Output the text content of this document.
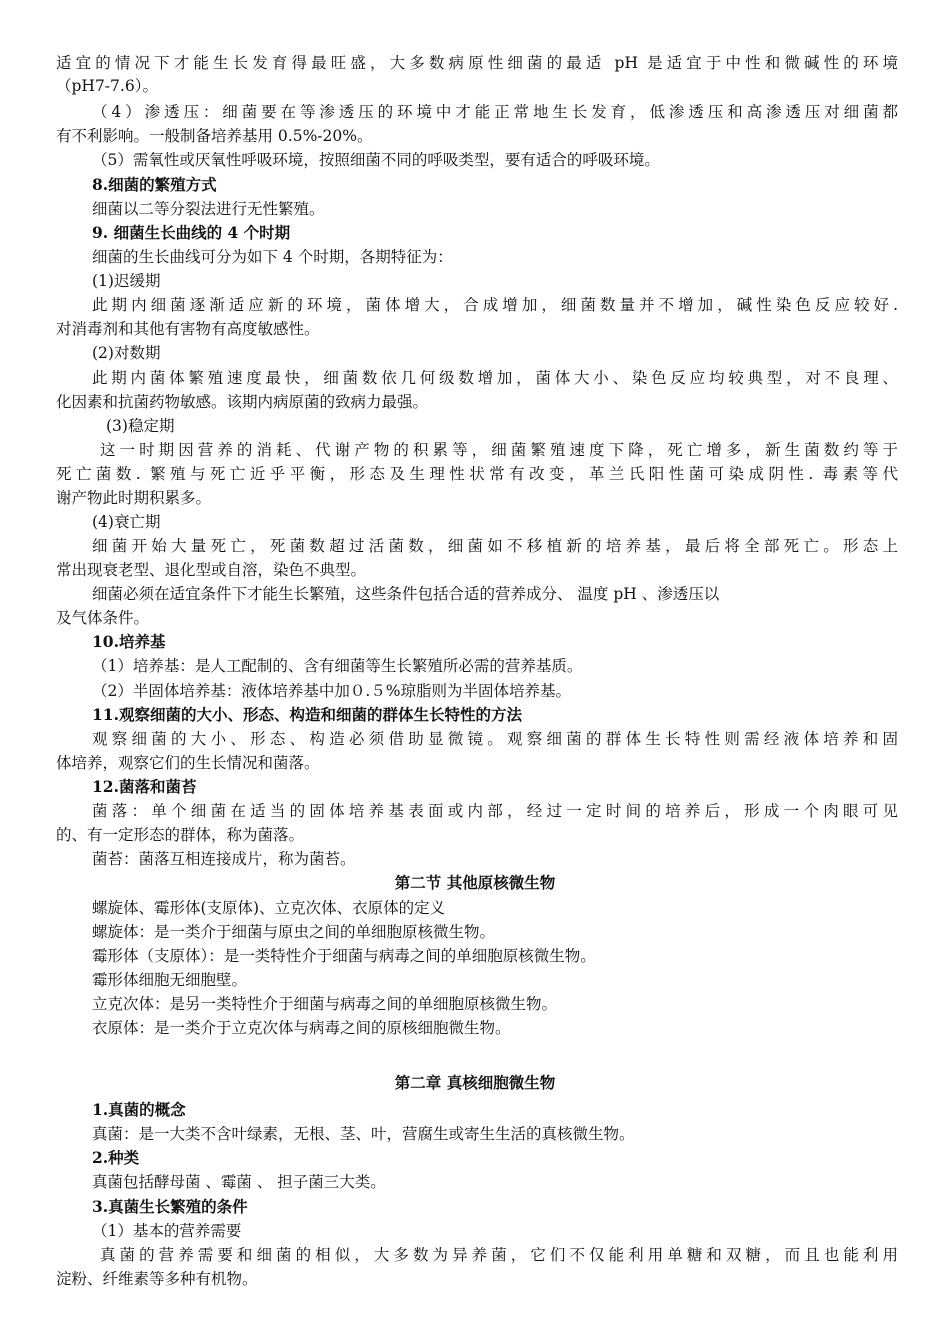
适宜的情况下才能生长发育得最旺盛，大多数病原性细菌的最适 pH 是适宜于中性和微碱性的环境
（pH7-7.6）。
（4）渗透压：细菌要在等渗透压的环境中才能正常地生长发育，低渗透压和高渗透压对细菌都
有不利影响。一般制备培养基用 0.5%-20%。
（5）需氧性或厌氧性呼吸环境，按照细菌不同的呼吸类型，要有适合的呼吸环境。
8.细菌的繁殖方式
细菌以二等分裂法进行无性繁殖。
9. 细菌生长曲线的 4 个时期
细菌的生长曲线可分为如下 4 个时期，各期特征为：
(1)迟缓期
此期内细菌逐渐适应新的环境，菌体增大，合成增加，细菌数量并不增加，碱性染色反应较好.
对消毒剂和其他有害物有高度敏感性。
(2)对数期
此期内菌体繁殖速度最快，细菌数依几何级数增加，菌体大小、染色反应均较典型，对不良理、
化因素和抗菌药物敏感。该期内病原菌的致病力最强。
(3)稳定期
这一时期因营养的消耗、代谢产物的积累等，细菌繁殖速度下降，死亡增多，新生菌数约等于
死亡菌数. 繁殖与死亡近乎平衡，形态及生理性状常有改变，革兰氏阳性菌可染成阴性. 毒素等代
谢产物此时期积累多。
(4)衰亡期
细菌开始大量死亡，死菌数超过活菌数，细菌如不移植新的培养基，最后将全部死亡。形态上
常出现衰老型、退化型或自溶，染色不典型。
细菌必须在适宜条件下才能生长繁殖，这些条件包括合适的营养成分、 温度 pH 、渗透压以
及气体条件。
10.培养基
（1）培养基：是人工配制的、含有细菌等生长繁殖所必需的营养基质。
（2）半固体培养基：液体培养基中加０.５%琼脂则为半固体培养基。
11.观察细菌的大小、形态、构造和细菌的群体生长特性的方法
观察细菌的大小、形态、构造必须借助显微镜。观察细菌的群体生长特性则需经液体培养和固
体培养，观察它们的生长情况和菌落。
12.菌落和菌苔
菌落：单个细菌在适当的固体培养基表面或内部，经过一定时间的培养后，形成一个肉眼可见
的、有一定形态的群体，称为菌落。
菌苔：菌落互相连接成片，称为菌苔。
第二节 其他原核微生物
螺旋体、霉形体(支原体)、立克次体、衣原体的定义
螺旋体：是一类介于细菌与原虫之间的单细胞原核微生物。
霉形体（支原体）：是一类特性介于细菌与病毒之间的单细胞原核微生物。
霉形体细胞无细胞壁。
立克次体：是另一类特性介于细菌与病毒之间的单细胞原核微生物。
衣原体：是一类介于立克次体与病毒之间的原核细胞微生物。
第二章 真核细胞微生物
1.真菌的概念
真菌：是一大类不含叶绿素，无根、茎、叶，营腐生或寄生生活的真核微生物。
2.种类
真菌包括酵母菌 、霉菌 、 担子菌三大类。
3.真菌生长繁殖的条件
（1）基本的营养需要
真菌的营养需要和细菌的相似，大多数为异养菌，它们不仅能利用单糖和双糖，而且也能利用
淀粉、纤维素等多种有机物。
